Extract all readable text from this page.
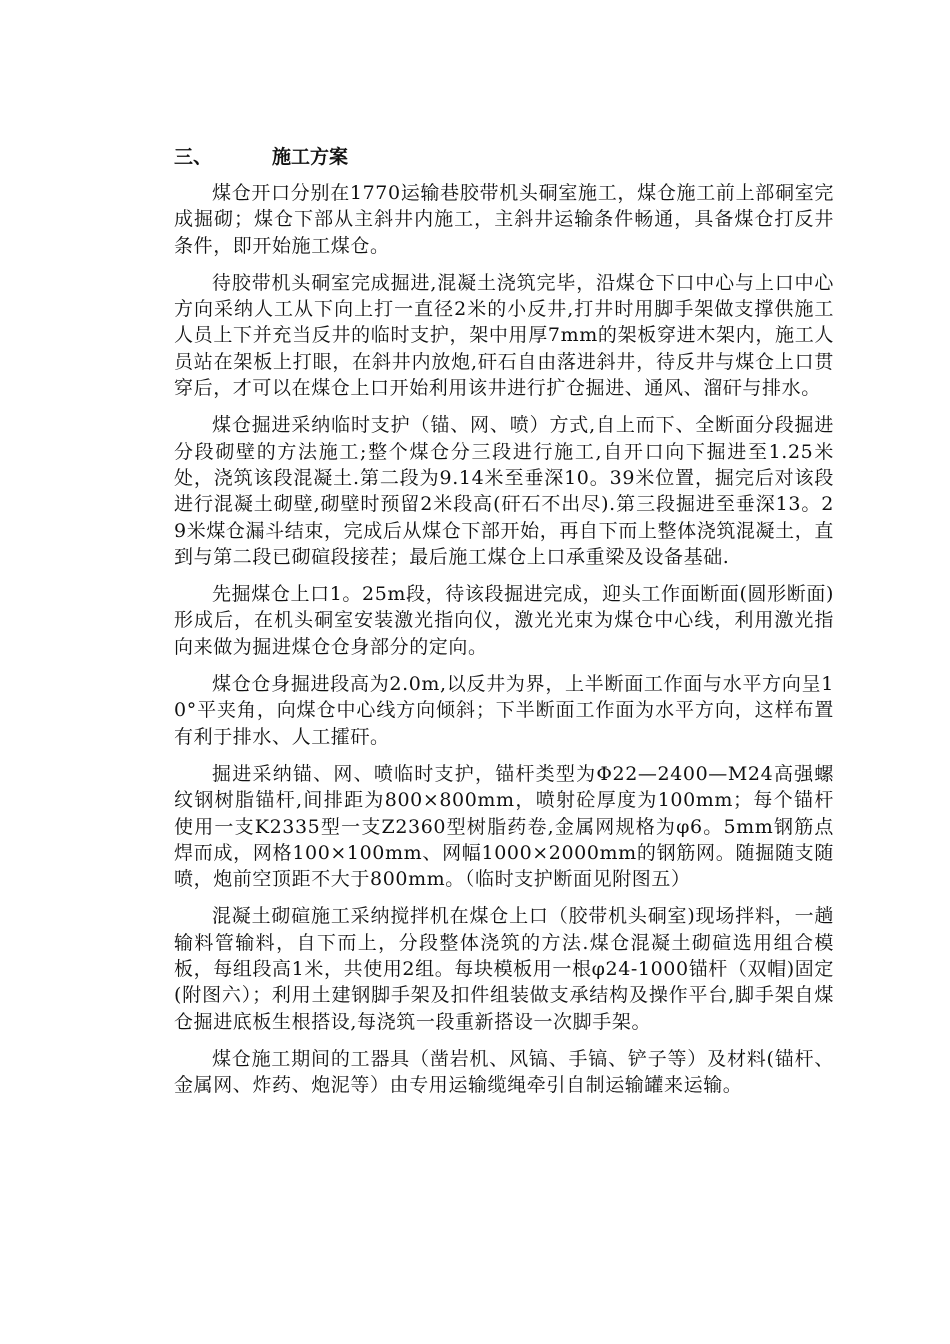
三、	施工方案

煤仓开口分别在1770运输巷胶带机头硐室施工，煤仓施工前上部硐室完成掘砌；煤仓下部从主斜井内施工，主斜井运输条件畅通，具备煤仓打反井条件，即开始施工煤仓。

待胶带机头硐室完成掘进,混凝土浇筑完毕，沿煤仓下口中心与上口中心方向采纳人工从下向上打一直径2米的小反井,打井时用脚手架做支撑供施工人员上下并充当反井的临时支护，架中用厚7mm的架板穿进木架内，施工人员站在架板上打眼，在斜井内放炮,矸石自由落进斜井，待反井与煤仓上口贯穿后，才可以在煤仓上口开始利用该井进行扩仓掘进、通风、溜矸与排水。

煤仓掘进采纳临时支护（锚、网、喷）方式,自上而下、全断面分段掘进分段砌壁的方法施工;整个煤仓分三段进行施工,自开口向下掘进至1.25米处，浇筑该段混凝土.第二段为9.14米至垂深10。39米位置，掘完后对该段进行混凝土砌壁,砌壁时预留2米段高(矸石不出尽).第三段掘进至垂深13。29米煤仓漏斗结束，完成后从煤仓下部开始，再自下而上整体浇筑混凝土，直到与第二段已砌碹段接茬；最后施工煤仓上口承重梁及设备基础.

先掘煤仓上口1。25m段，待该段掘进完成，迎头工作面断面(圆形断面)形成后，在机头硐室安装激光指向仪，激光光束为煤仓中心线，利用激光指向来做为掘进煤仓仓身部分的定向。

煤仓仓身掘进段高为2.0m,以反井为界，上半断面工作面与水平方向呈10°平夹角，向煤仓中心线方向倾斜；下半断面工作面为水平方向，这样布置有利于排水、人工攉矸。

掘进采纳锚、网、喷临时支护，锚杆类型为Φ22—2400—M24高强螺纹钢树脂锚杆,间排距为800×800mm，喷射砼厚度为100mm；每个锚杆使用一支K2335型一支Z2360型树脂药卷,金属网规格为φ6。5mm钢筋点焊而成，网格100×100mm、网幅1000×2000mm的钢筋网。随掘随支随喷，炮前空顶距不大于800mm。（临时支护断面见附图五）

混凝土砌碹施工采纳搅拌机在煤仓上口（胶带机头硐室)现场拌料，一趟输料管输料，自下而上，分段整体浇筑的方法.煤仓混凝土砌碹选用组合模板，每组段高1米，共使用2组。每块模板用一根φ24-1000锚杆（双帽)固定(附图六）；利用土建钢脚手架及扣件组装做支承结构及操作平台,脚手架自煤仓掘进底板生根搭设,每浇筑一段重新搭设一次脚手架。

煤仓施工期间的工器具（凿岩机、风镐、手镐、铲子等）及材料(锚杆、金属网、炸药、炮泥等）由专用运输缆绳牵引自制运输罐来运输。
